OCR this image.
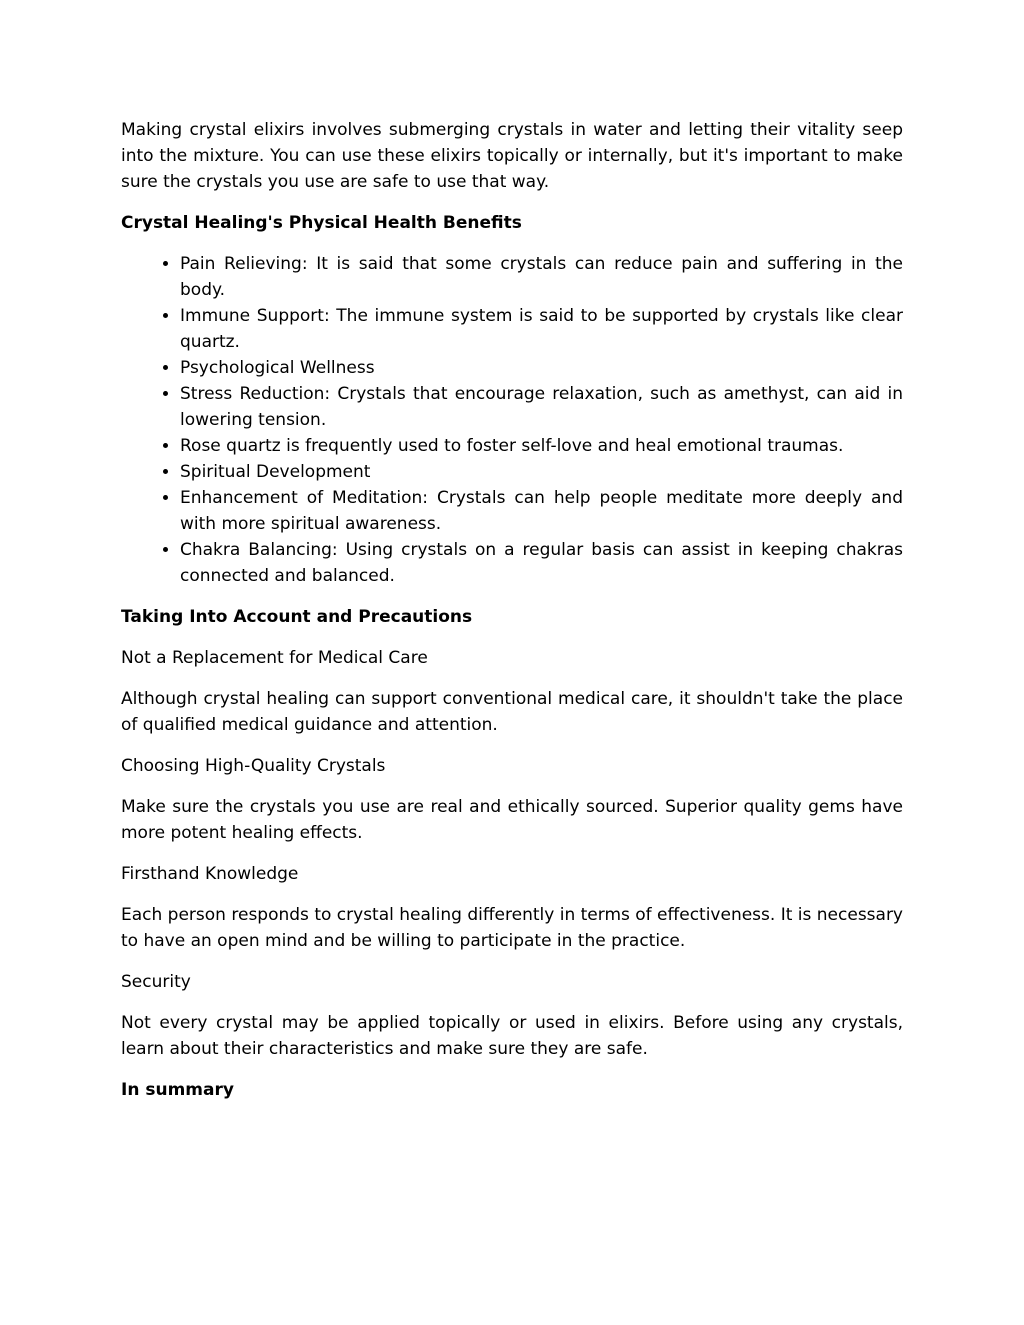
Making crystal elixirs involves submerging crystals in water and letting their vitality seep into the mixture. You can use these elixirs topically or internally, but it's important to make sure the crystals you use are safe to use that way.

Crystal Healing's Physical Health Benefits

• Pain Relieving: It is said that some crystals can reduce pain and suffering in the body.
• Immune Support: The immune system is said to be supported by crystals like clear quartz.
• Psychological Wellness
• Stress Reduction: Crystals that encourage relaxation, such as amethyst, can aid in lowering tension.
• Rose quartz is frequently used to foster self-love and heal emotional traumas.
• Spiritual Development
• Enhancement of Meditation: Crystals can help people meditate more deeply and with more spiritual awareness.
• Chakra Balancing: Using crystals on a regular basis can assist in keeping chakras connected and balanced.

Taking Into Account and Precautions

Not a Replacement for Medical Care

Although crystal healing can support conventional medical care, it shouldn't take the place of qualified medical guidance and attention.

Choosing High-Quality Crystals

Make sure the crystals you use are real and ethically sourced. Superior quality gems have more potent healing effects.

Firsthand Knowledge

Each person responds to crystal healing differently in terms of effectiveness. It is necessary to have an open mind and be willing to participate in the practice.

Security

Not every crystal may be applied topically or used in elixirs. Before using any crystals, learn about their characteristics and make sure they are safe.

In summary
